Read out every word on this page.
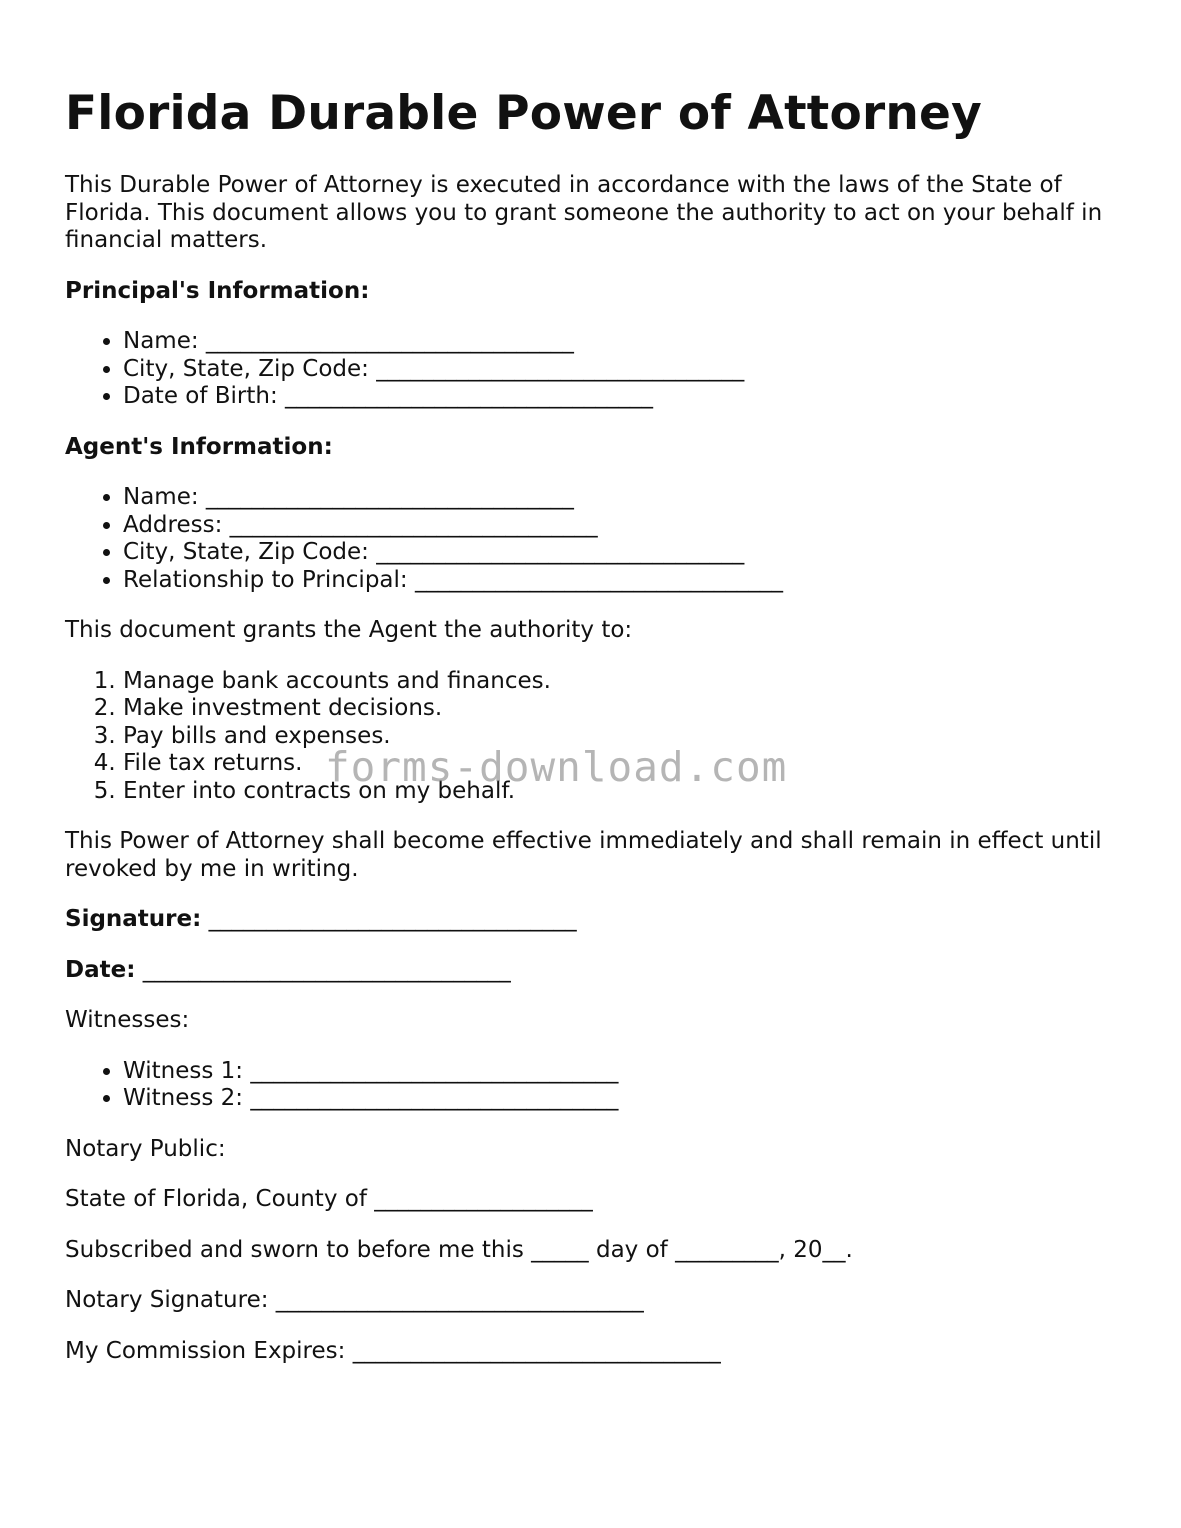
Florida Durable Power of Attorney

This Durable Power of Attorney is executed in accordance with the laws of the State of Florida. This document allows you to grant someone the authority to act on your behalf in financial matters.

Principal's Information:

• Name: ________________________________
• City, State, Zip Code: ________________________________
• Date of Birth: ________________________________

Agent's Information:

• Name: ________________________________
• Address: ________________________________
• City, State, Zip Code: ________________________________
• Relationship to Principal: ________________________________

This document grants the Agent the authority to:

1. Manage bank accounts and finances.
2. Make investment decisions.
3. Pay bills and expenses.
4. File tax returns.
5. Enter into contracts on my behalf.

This Power of Attorney shall become effective immediately and shall remain in effect until revoked by me in writing.

Signature: ________________________________

Date: ________________________________

Witnesses:

• Witness 1: ________________________________
• Witness 2: ________________________________

Notary Public:

State of Florida, County of ___________________

Subscribed and sworn to before me this _____ day of _________, 20__.

Notary Signature: ________________________________

My Commission Expires: ________________________________

forms-download.com
